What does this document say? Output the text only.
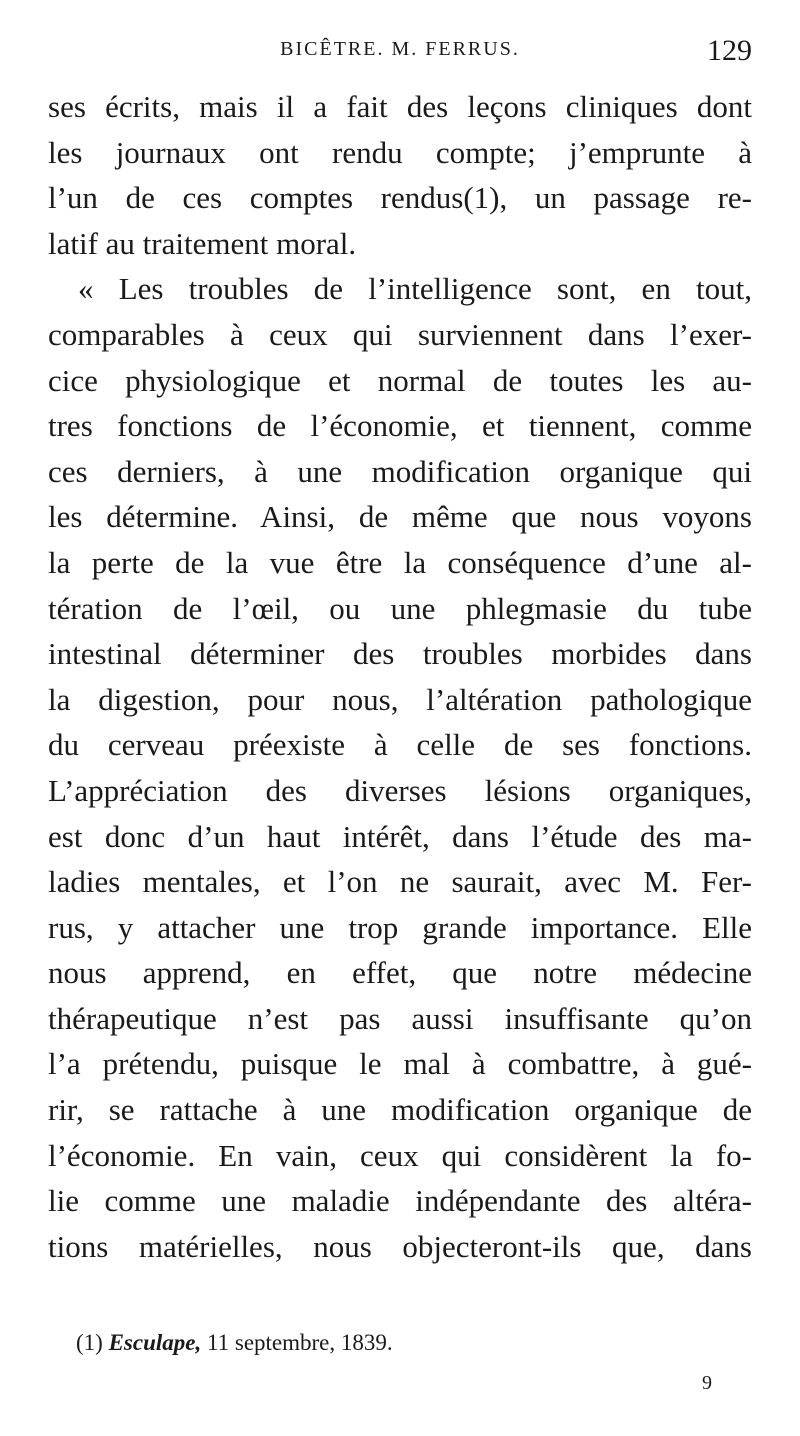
BICÊTRE. M. FERRUS.	129
ses écrits, mais il a fait des leçons cliniques dont
les journaux ont rendu compte; j’emprunte à
l’un de ces comptes rendus(1), un passage re-
latif au traitement moral.
« Les troubles de l’intelligence sont, en tout,
comparables à ceux qui surviennent dans l’exer-
cice physiologique et normal de toutes les au-
tres fonctions de l’économie, et tiennent, comme
ces derniers, à une modification organique qui
les détermine. Ainsi, de même que nous voyons
la perte de la vue être la conséquence d’une al-
tération de l’œil, ou une phlegmasie du tube
intestinal déterminer des troubles morbides dans
la digestion, pour nous, l’altération pathologique
du cerveau préexiste à celle de ses fonctions.
L’appréciation des diverses lésions organiques,
est donc d’un haut intérêt, dans l’étude des ma-
ladies mentales, et l’on ne saurait, avec M. Fer-
rus, y attacher une trop grande importance. Elle
nous apprend, en effet, que notre médecine
thérapeutique n’est pas aussi insuffisante qu’on
l’a prétendu, puisque le mal à combattre, à gué-
rir, se rattache à une modification organique de
l’économie. En vain, ceux qui considèrent la fo-
lie comme une maladie indépendante des altéra-
tions matérielles, nous objecteront-ils que, dans
(1) Esculape, 11 septembre, 1839.
9
